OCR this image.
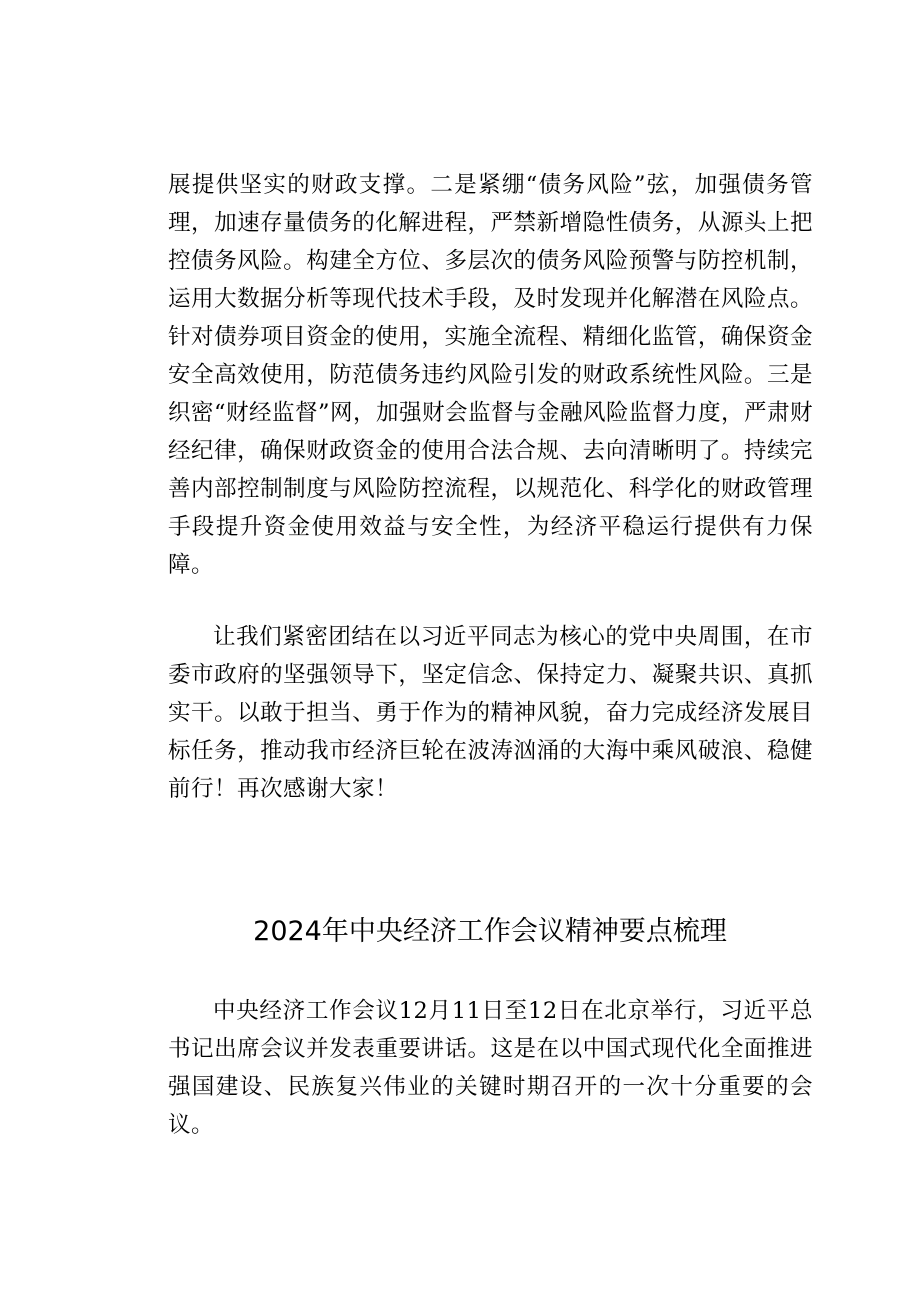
展提供坚实的财政支撑。二是紧绷“债务风险”弦，加强债务管理，加速存量债务的化解进程，严禁新增隐性债务，从源头上把控债务风险。构建全方位、多层次的债务风险预警与防控机制，运用大数据分析等现代技术手段，及时发现并化解潜在风险点。针对债券项目资金的使用，实施全流程、精细化监管，确保资金安全高效使用，防范债务违约风险引发的财政系统性风险。三是织密“财经监督”网，加强财会监督与金融风险监督力度，严肃财经纪律，确保财政资金的使用合法合规、去向清晰明了。持续完善内部控制制度与风险防控流程，以规范化、科学化的财政管理手段提升资金使用效益与安全性，为经济平稳运行提供有力保障。

让我们紧密团结在以习近平同志为核心的党中央周围，在市委市政府的坚强领导下，坚定信念、保持定力、凝聚共识、真抓实干。以敢于担当、勇于作为的精神风貌，奋力完成经济发展目标任务，推动我市经济巨轮在波涛汹涌的大海中乘风破浪、稳健前行！再次感谢大家！

2024年中央经济工作会议精神要点梳理

中央经济工作会议12月11日至12日在北京举行，习近平总书记出席会议并发表重要讲话。这是在以中国式现代化全面推进强国建设、民族复兴伟业的关键时期召开的一次十分重要的会议。
